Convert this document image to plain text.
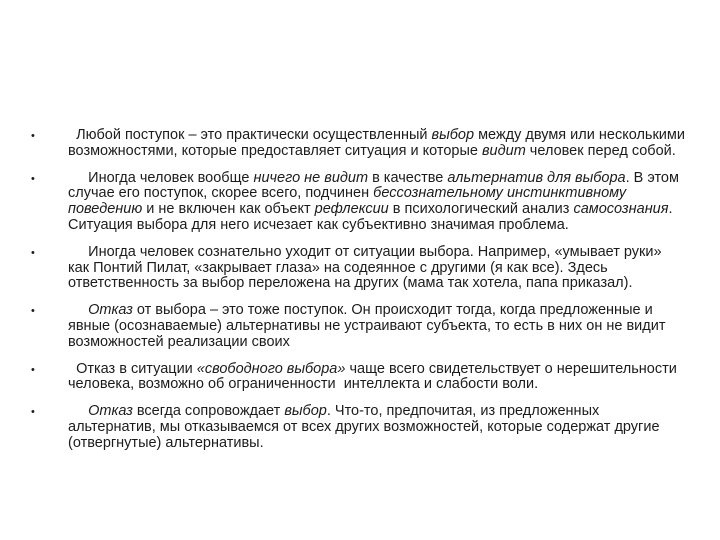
•   Любой поступок – это практически осуществленный выбор между двумя или несколькими возможностями, которые предоставляет ситуация и которые видит человек перед собой.
•      Иногда человек вообще ничего не видит в качестве альтернатив для выбора. В этом случае его поступок, скорее всего, подчинен бессознательному инстинктивному поведению и не включен как объект рефлексии в психологический анализ самосознания. Ситуация выбора для него исчезает как субъективно значимая проблема.
•      Иногда человек сознательно уходит от ситуации выбора. Например, «умывает руки» как Понтий Пилат, «закрывает глаза» на содеянное с другими (я как все). Здесь ответственность за выбор переложена на других (мама так хотела, папа приказал).
• Отказ от выбора – это тоже поступок. Он происходит тогда, когда предложенные и явные (осознаваемые) альтернативы не устраивают субъекта, то есть в них он не видит возможностей реализации своих
•   Отказ в ситуации «свободного выбора» чаще всего свидетельствует о нерешительности человека, возможно об ограниченности  интеллекта и слабости воли.
• Отказ всегда сопровождает выбор. Что-то, предпочитая, из предложенных альтернатив, мы отказываемся от всех других возможностей, которые содержат другие (отвергнутые) альтернативы.
